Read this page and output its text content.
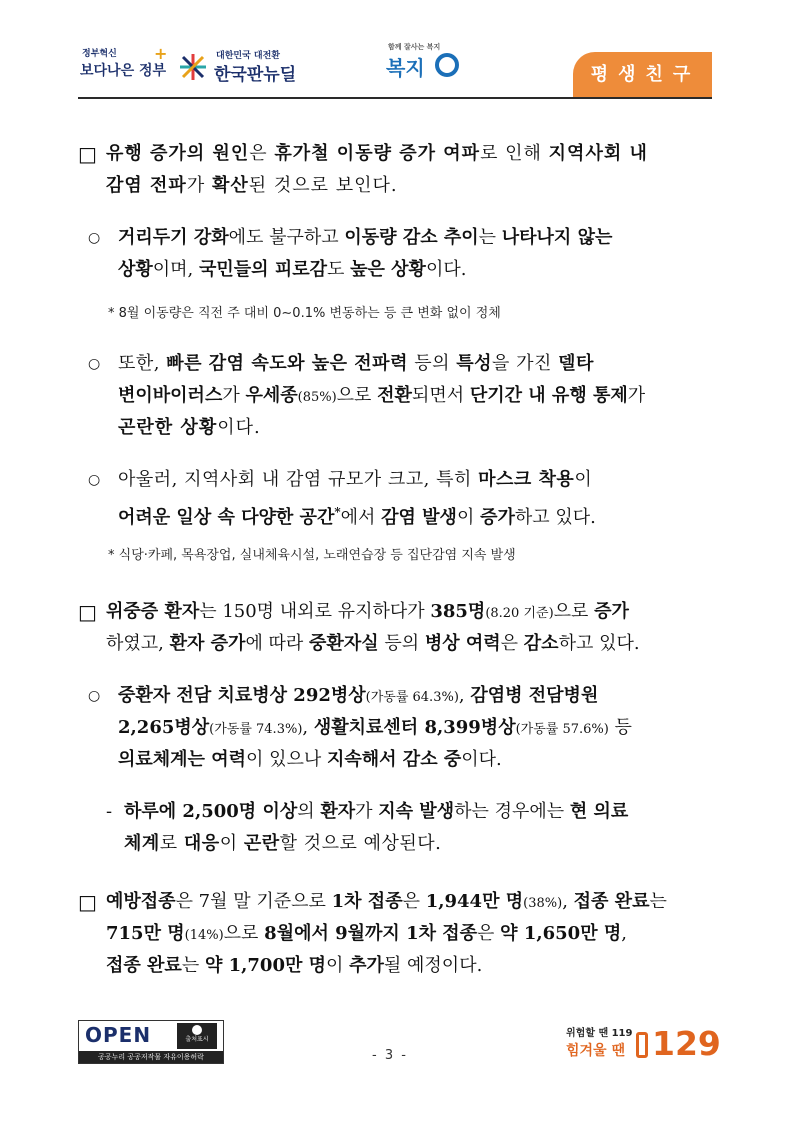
정부혁신
보다나은 정부
+	대한민국 대전환
한국판뉴딜
함께 잘사는 복지
복지	평생친구
□ 유행 증가의 원인은 휴가철 이동량 증가 여파로 인해 지역사회 내
감염 전파가 확산된 것으로 보인다.
○ 거리두기 강화에도 불구하고 이동량 감소 추이는 나타나지 않는
상황이며, 국민들의 피로감도 높은 상황이다.
* 8월 이동량은 직전 주 대비 0∼0.1% 변동하는 등 큰 변화 없이 정체
○ 또한, 빠른 감염 속도와 높은 전파력 등의 특성을 가진 델타
변이바이러스가 우세종(85%)으로 전환되면서 단기간 내 유행 통제가
곤란한 상황이다.
○ 아울러, 지역사회 내 감염 규모가 크고, 특히 마스크 착용이
어려운 일상 속 다양한 공간*에서 감염 발생이 증가하고 있다.
* 식당·카페, 목욕장업, 실내체육시설, 노래연습장 등 집단감염 지속 발생
□ 위중증 환자는 150명 내외로 유지하다가 385명(8.20 기준)으로 증가
하였고, 환자 증가에 따라 중환자실 등의 병상 여력은 감소하고 있다.
○ 중환자 전담 치료병상 292병상(가동률 64.3%), 감염병 전담병원
2,265병상(가동률 74.3%), 생활치료센터 8,399병상(가동률 57.6%) 등
의료체계는 여력이 있으나 지속해서 감소 중이다.
- 하루에 2,500명 이상의 환자가 지속 발생하는 경우에는 현 의료
체계로 대응이 곤란할 것으로 예상된다.
□ 예방접종은 7월 말 기준으로 1차 접종은 1,944만 명(38%), 접종 완료는
715만 명(14%)으로 8월에서 9월까지 1차 접종은 약 1,650만 명,
접종 완료는 약 1,700만 명이 추가될 예정이다.
OPEN	출처표시
공공누리 공공저작물 자유이용허락	- 3 -
위험할 땐 119
힘겨울 땐 129
